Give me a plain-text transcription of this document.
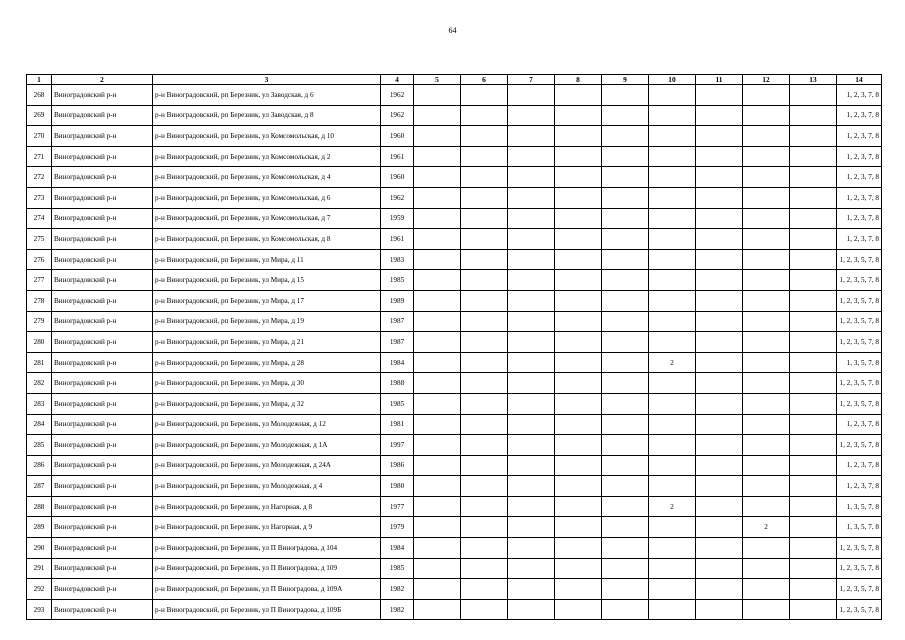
64
1	2	3	4	5	6	7	8	9	10	11	12	13	14
268	Виноградовский р-н	р-н Виноградовский, рп Березник, ул Заводская, д 6	1962										1, 2, 3, 7, 8
269	Виноградовский р-н	р-н Виноградовский, рп Березник, ул Заводская, д 8	1962										1, 2, 3, 7, 8
270	Виноградовский р-н	р-н Виноградовский, рп Березник, ул Комсомольская, д 10	1960										1, 2, 3, 7, 8
271	Виноградовский р-н	р-н Виноградовский, рп Березник, ул Комсомольская, д 2	1961										1, 2, 3, 7, 8
272	Виноградовский р-н	р-н Виноградовский, рп Березник, ул Комсомольская, д 4	1960										1, 2, 3, 7, 8
273	Виноградовский р-н	р-н Виноградовский, рп Березник, ул Комсомольская, д 6	1962										1, 2, 3, 7, 8
274	Виноградовский р-н	р-н Виноградовский, рп Березник, ул Комсомольская, д 7	1959										1, 2, 3, 7, 8
275	Виноградовский р-н	р-н Виноградовский, рп Березник, ул Комсомольская, д 8	1961										1, 2, 3, 7, 8
276	Виноградовский р-н	р-н Виноградовский, рп Березник, ул Мира, д 11	1983										1, 2, 3, 5, 7, 8
277	Виноградовский р-н	р-н Виноградовский, рп Березник, ул Мира, д 15	1985										1, 2, 3, 5, 7, 8
278	Виноградовский р-н	р-н Виноградовский, рп Березник, ул Мира, д 17	1989										1, 2, 3, 5, 7, 8
279	Виноградовский р-н	р-н Виноградовский, рп Березник, ул Мира, д 19	1987										1, 2, 3, 5, 7, 8
280	Виноградовский р-н	р-н Виноградовский, рп Березник, ул Мира, д 21	1987										1, 2, 3, 5, 7, 8
281	Виноградовский р-н	р-н Виноградовский, рп Березник, ул Мира, д 28	1984						2				1, 3, 5, 7, 8
282	Виноградовский р-н	р-н Виноградовский, рп Березник, ул Мира, д 30	1988										1, 2, 3, 5, 7, 8
283	Виноградовский р-н	р-н Виноградовский, рп Березник, ул Мира, д 32	1985										1, 2, 3, 5, 7, 8
284	Виноградовский р-н	р-н Виноградовский, рп Березник, ул Молодежная, д 12	1981										1, 2, 3, 7, 8
285	Виноградовский р-н	р-н Виноградовский, рп Березник, ул Молодежная, д 1А	1997										1, 2, 3, 5, 7, 8
286	Виноградовский р-н	р-н Виноградовский, рп Березник, ул Молодежная, д 24А	1986										1, 2, 3, 7, 8
287	Виноградовский р-н	р-н Виноградовский, рп Березник, ул Молодежная, д 4	1980										1, 2, 3, 7, 8
288	Виноградовский р-н	р-н Виноградовский, рп Березник, ул Нагорная, д 8	1977						2				1, 3, 5, 7, 8
289	Виноградовский р-н	р-н Виноградовский, рп Березник, ул Нагорная, д 9	1979								2		1, 3, 5, 7, 8
290	Виноградовский р-н	р-н Виноградовский, рп Березник, ул П Виноградова, д 104	1984										1, 2, 3, 5, 7, 8
291	Виноградовский р-н	р-н Виноградовский, рп Березник, ул П Виноградова, д 109	1985										1, 2, 3, 5, 7, 8
292	Виноградовский р-н	р-н Виноградовский, рп Березник, ул П Виноградова, д 109А	1982										1, 2, 3, 5, 7, 8
293	Виноградовский р-н	р-н Виноградовский, рп Березник, ул П Виноградова, д 109Б	1982										1, 2, 3, 5, 7, 8
